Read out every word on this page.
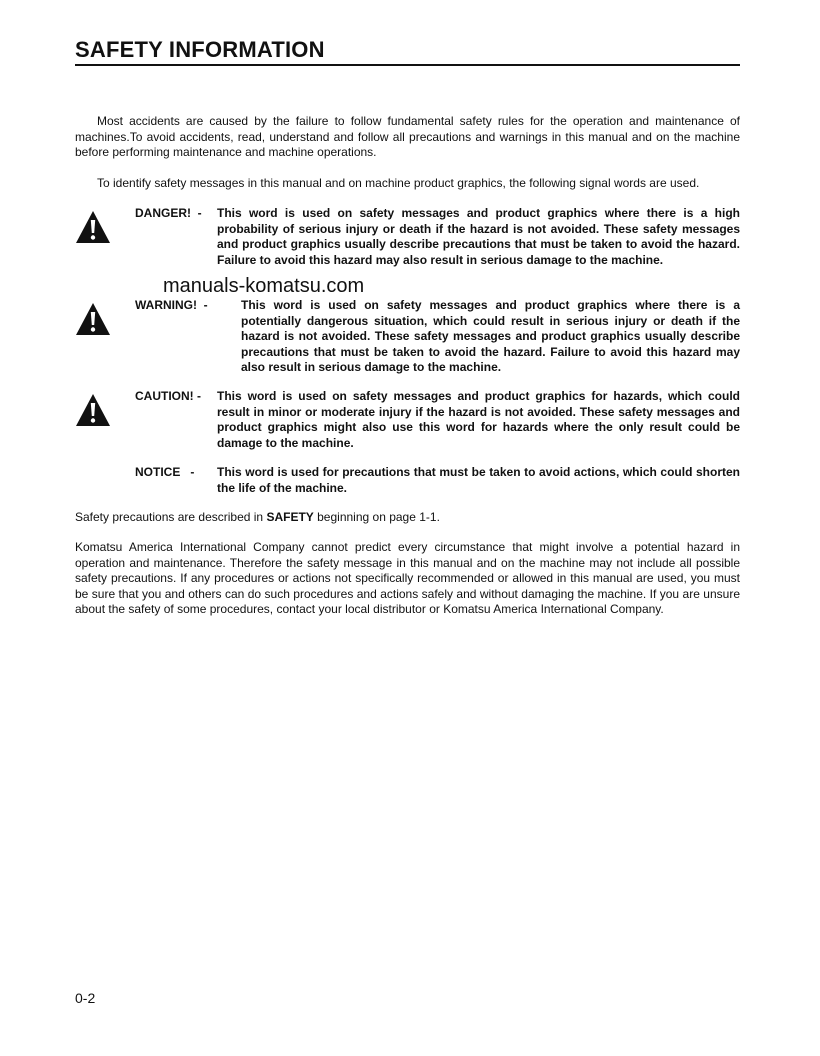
SAFETY INFORMATION

Most accidents are caused by the failure to follow fundamental safety rules for the operation and maintenance of machines.To avoid accidents, read, understand and follow all precautions and warnings in this manual and on the machine before performing maintenance and machine operations.

To identify safety messages in this manual and on machine product graphics, the following signal words are used.

DANGER! - This word is used on safety messages and product graphics where there is a high probability of serious injury or death if the hazard is not avoided. These safety messages and product graphics usually describe precautions that must be taken to avoid the hazard. Failure to avoid this hazard may also result in serious damage to the machine.

WARNING! -	This word is used on safety messages and product graphics where there is a potentially dangerous situation, which could result in serious injury or death if the hazard is not avoided. These safety messages and product graphics usually describe precautions that must be taken to avoid the hazard. Failure to avoid this hazard may also result in serious damage to the machine.

CAUTION! - This word is used on safety messages and product graphics for hazards, which could result in minor or moderate injury if the hazard is not avoided. These safety messages and product graphics might also use this word for hazards where the only result could be damage to the machine.

NOTICE - This word is used for precautions that must be taken to avoid actions, which could shorten the life of the machine.

Safety precautions are described in SAFETY beginning on page 1-1.

Komatsu America International Company cannot predict every circumstance that might involve a potential hazard in operation and maintenance. Therefore the safety message in this manual and on the machine may not include all possible safety precautions. If any procedures or actions not specifically recommended or allowed in this manual are used, you must be sure that you and others can do such procedures and actions safely and without damaging the machine. If you are unsure about the safety of some procedures, contact your local distributor or Komatsu America International Company.

manuals-komatsu.com
0-2
